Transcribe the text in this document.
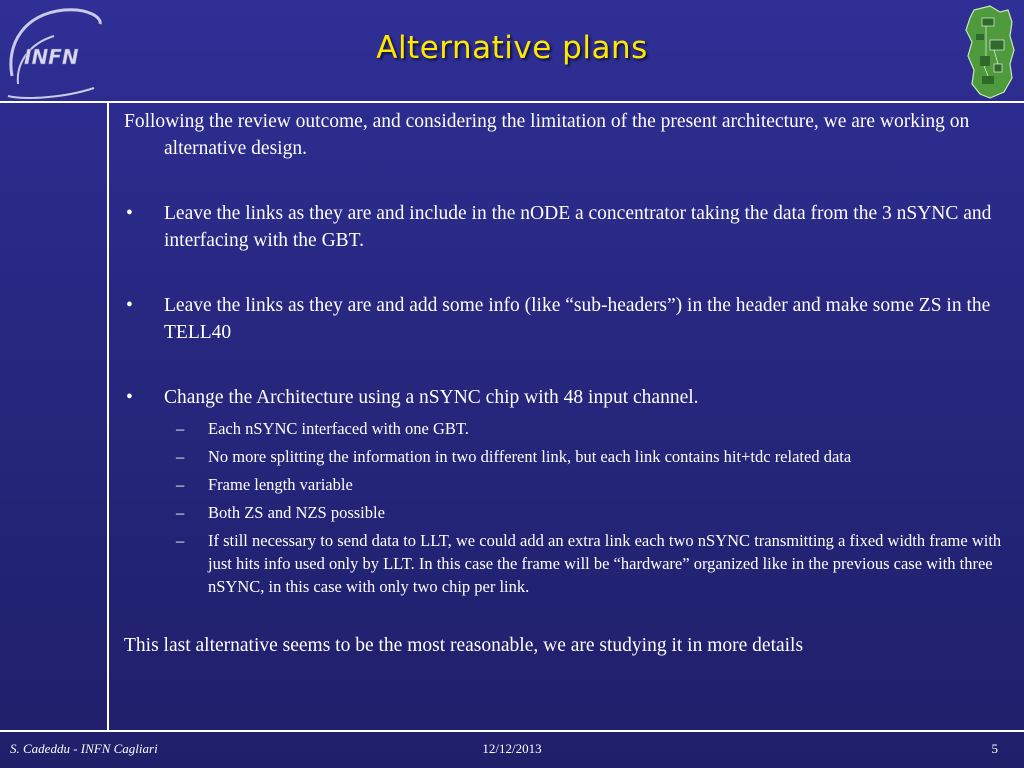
INFN	Alternative plans
Following the review outcome, and considering the limitation of the present architecture, we are working on alternative design.
•	Leave the links as they are and include in the nODE a concentrator taking the data from the 3 nSYNC and interfacing with the GBT.
•	Leave the links as they are and add some info (like “sub-headers”) in the header and make some ZS in the TELL40
•	Change the Architecture using a nSYNC chip with 48 input channel.
–	Each nSYNC interfaced with one GBT.
–	No more splitting the information in two different link, but each link contains hit+tdc related data
–	Frame length variable
–	Both ZS and NZS possible
–	If still necessary to send data to LLT, we could add an extra link each two nSYNC transmitting a fixed width frame with just hits info used only by LLT. In this case the frame will be “hardware” organized like in the previous case with three nSYNC, in this case with only two chip per link.
This last alternative seems to be the most reasonable, we are studying it in more details
S. Cadeddu - INFN Cagliari	12/12/2013	5
